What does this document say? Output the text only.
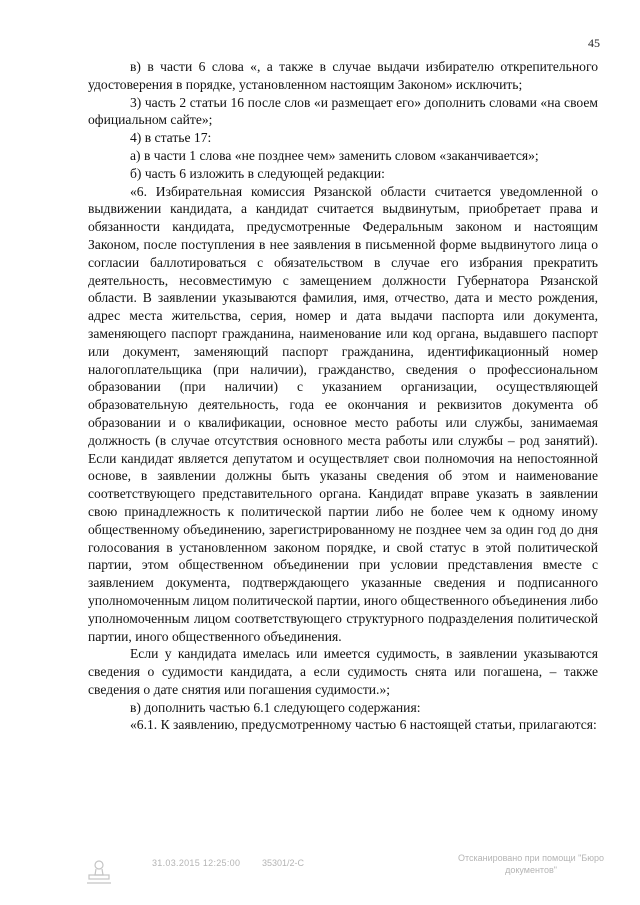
45

в) в части 6 слова «, а также в случае выдачи избирателю открепительного удостоверения в порядке, установленном настоящим Законом» исключить;

3) часть 2 статьи 16 после слов «и размещает его» дополнить словами «на своем официальном сайте»;

4) в статье 17:

а) в части 1 слова «не позднее чем» заменить словом «заканчивается»;

б) часть 6 изложить в следующей редакции:

«6. Избирательная комиссия Рязанской области считается уведомленной о выдвижении кандидата, а кандидат считается выдвинутым, приобретает права и обязанности кандидата, предусмотренные Федеральным законом и настоящим Законом, после поступления в нее заявления в письменной форме выдвинутого лица о согласии баллотироваться с обязательством в случае его избрания прекратить деятельность, несовместимую с замещением должности Губернатора Рязанской области. В заявлении указываются фамилия, имя, отчество, дата и место рождения, адрес места жительства, серия, номер и дата выдачи паспорта или документа, заменяющего паспорт гражданина, наименование или код органа, выдавшего паспорт или документ, заменяющий паспорт гражданина, идентификационный номер налогоплательщика (при наличии), гражданство, сведения о профессиональном образовании (при наличии) с указанием организации, осуществляющей образовательную деятельность, года ее окончания и реквизитов документа об образовании и о квалификации, основное место работы или службы, занимаемая должность (в случае отсутствия основного места работы или службы – род занятий). Если кандидат является депутатом и осуществляет свои полномочия на непостоянной основе, в заявлении должны быть указаны сведения об этом и наименование соответствующего представительного органа. Кандидат вправе указать в заявлении свою принадлежность к политической партии либо не более чем к одному иному общественному объединению, зарегистрированному не позднее чем за один год до дня голосования в установленном законом порядке, и свой статус в этой политической партии, этом общественном объединении при условии представления вместе с заявлением документа, подтверждающего указанные сведения и подписанного уполномоченным лицом политической партии, иного общественного объединения либо уполномоченным лицом соответствующего структурного подразделения политической партии, иного общественного объединения.

Если у кандидата имелась или имеется судимость, в заявлении указываются сведения о судимости кандидата, а если судимость снята или погашена, – также сведения о дате снятия или погашения судимости.»;

в) дополнить частью 6.1 следующего содержания:

«6.1. К заявлению, предусмотренному частью 6 настоящей статьи, прилагаются:

31.03.2015 12:25:00 35301/2-С	Отсканировано при помощи "Бюро документов"
